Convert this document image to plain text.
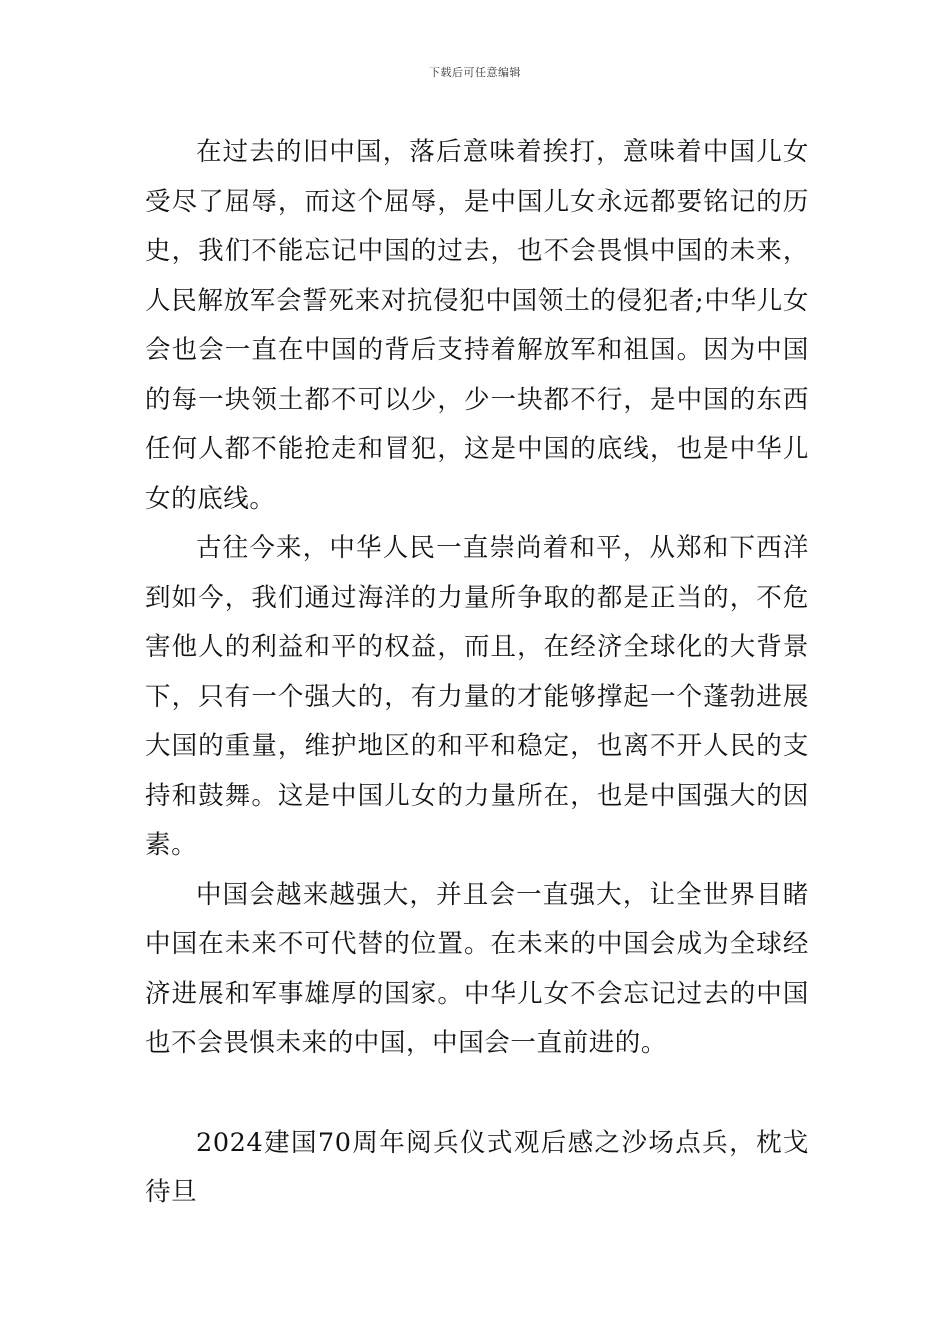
下载后可任意编辑

在过去的旧中国，落后意味着挨打，意味着中国儿女受尽了屈辱，而这个屈辱，是中国儿女永远都要铭记的历史，我们不能忘记中国的过去，也不会畏惧中国的未来，人民解放军会誓死来对抗侵犯中国领土的侵犯者;中华儿女会也会一直在中国的背后支持着解放军和祖国。因为中国的每一块领土都不可以少，少一块都不行，是中国的东西任何人都不能抢走和冒犯，这是中国的底线，也是中华儿女的底线。

古往今来，中华人民一直崇尚着和平，从郑和下西洋到如今，我们通过海洋的力量所争取的都是正当的，不危害他人的利益和平的权益，而且，在经济全球化的大背景下，只有一个强大的，有力量的才能够撑起一个蓬勃进展大国的重量，维护地区的和平和稳定，也离不开人民的支持和鼓舞。这是中国儿女的力量所在，也是中国强大的因素。

中国会越来越强大，并且会一直强大，让全世界目睹中国在未来不可代替的位置。在未来的中国会成为全球经济进展和军事雄厚的国家。中华儿女不会忘记过去的中国也不会畏惧未来的中国，中国会一直前进的。

2024建国70周年阅兵仪式观后感之沙场点兵，枕戈待旦
